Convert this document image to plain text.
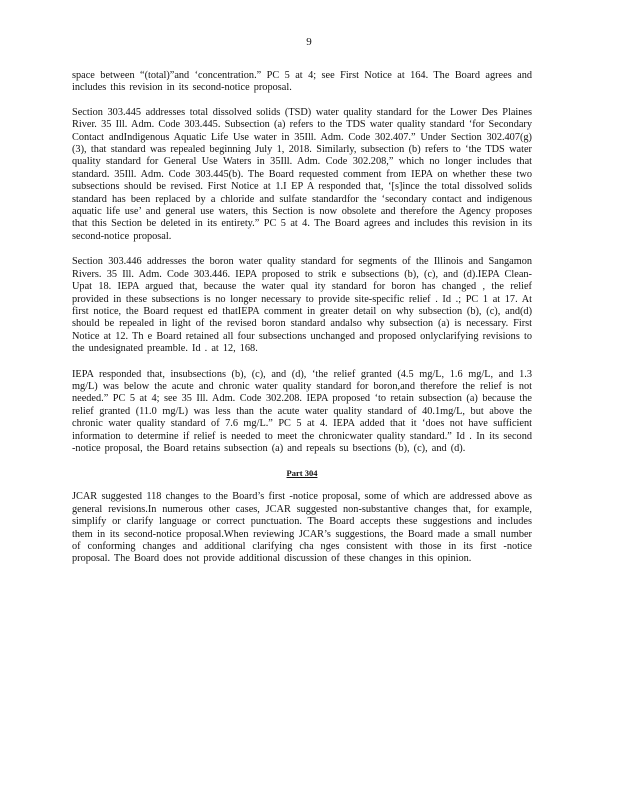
9

space between “(total)”and ‘concentration.” PC 5 at 4; see First Notice at 164. The Board agrees and includes this revision in its second-notice proposal.

Section 303.445 addresses total dissolved solids (TSD) water quality standard for the Lower Des Plaines River. 35 Ill. Adm. Code 303.445. Subsection (a) refers to the TDS water quality standard ‘for Secondary Contact andIndigenous Aquatic Life Use water in 35Ill. Adm. Code 302.407.” Under Section 302.407(g)(3), that standard was repealed beginning July 1, 2018. Similarly, subsection (b) refers to ‘the TDS water quality standard for General Use Waters in 35Ill. Adm. Code 302.208,” which no longer includes that standard. 35Ill. Adm. Code 303.445(b). The Board requested comment from IEPA on whether these two subsections should be revised. First Notice at 1.I EP A responded that, ‘[s]ince the total dissolved solids standard has been replaced by a chloride and sulfate standardfor the ‘secondary contact and indigenous aquatic life use’ and general use waters, this Section is now obsolete and therefore the Agency proposes that this Section be deleted in its entirety.” PC 5 at 4. The Board agrees and includes this revision in its second-notice proposal.

Section 303.446 addresses the boron water quality standard for segments of the Illinois and Sangamon Rivers. 35 Ill. Adm. Code 303.446. IEPA proposed to strik e subsections (b), (c), and (d).IEPA Clean-Upat 18. IEPA argued that, because the water qual ity standard for boron has changed , the relief provided in these subsections is no longer necessary to provide site-specific relief . Id .; PC 1 at 17. At first notice, the Board request ed thatIEPA comment in greater detail on why subsection (b), (c), and(d) should be repealed in light of the revised boron standard andalso why subsection (a) is necessary. First Notice at 12. Th e Board retained all four subsections unchanged and proposed onlyclarifying revisions to the undesignated preamble. Id . at 12, 168.

IEPA responded that, insubsections (b), (c), and (d), ‘the relief granted (4.5 mg/L, 1.6 mg/L, and 1.3 mg/L) was below the acute and chronic water quality standard for boron,and therefore the relief is not needed.” PC 5 at 4; see 35 Ill. Adm. Code 302.208. IEPA proposed ‘to retain subsection (a) because the relief granted (11.0 mg/L) was less than the acute water quality standard of 40.1mg/L, but above the chronic water quality standard of 7.6 mg/L.” PC 5 at 4. IEPA added that it ‘does not have sufficient information to determine if relief is needed to meet the chronicwater quality standard.” Id . In its second -notice proposal, the Board retains subsection (a) and repeals su bsections (b), (c), and (d).

Part 304

JCAR suggested 118 changes to the Board’s first -notice proposal, some of which are addressed above as general revisions.In numerous other cases, JCAR suggested non-substantive changes that, for example, simplify or clarify language or correct punctuation. The Board accepts these suggestions and includes them in its second-notice proposal.When reviewing JCAR’s suggestions, the Board made a small number of conforming changes and additional clarifying cha nges consistent with those in its first -notice proposal. The Board does not provide additional discussion of these changes in this opinion.
